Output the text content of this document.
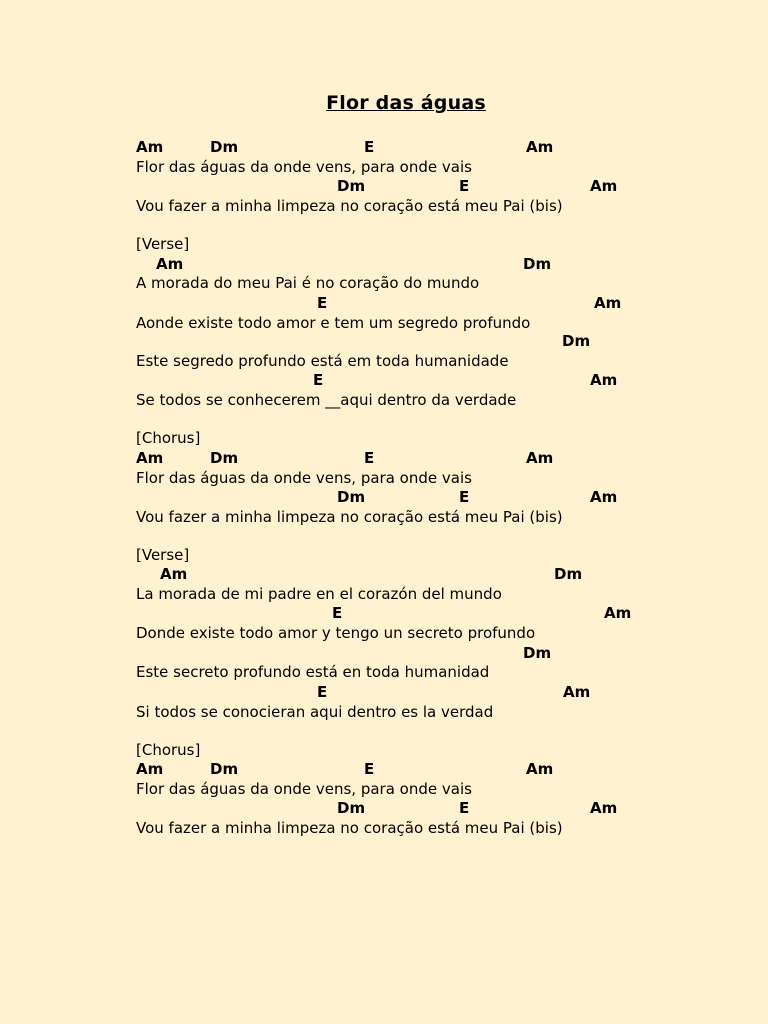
Flor das águas
Am	Dm	E	Am
Flor das águas da onde vens, para onde vais
Dm	E	Am
Vou fazer a minha limpeza no coração está meu Pai (bis)
[Verse]
Am	Dm
A morada do meu Pai é no coração do mundo
E	Am
Aonde existe todo amor e tem um segredo profundo
Dm
Este segredo profundo está em toda humanidade
E	Am
Se todos se conhecerem __aqui dentro da verdade
[Chorus]
Am	Dm	E	Am
Flor das águas da onde vens, para onde vais
Dm	E	Am
Vou fazer a minha limpeza no coração está meu Pai (bis)
[Verse]
Am	Dm
La morada de mi padre en el corazón del mundo
E	Am
Donde existe todo amor y tengo un secreto profundo
Dm
Este secreto profundo está en toda humanidad
E	Am
Si todos se conocieran aqui dentro es la verdad
[Chorus]
Am	Dm	E	Am
Flor das águas da onde vens, para onde vais
Dm	E	Am
Vou fazer a minha limpeza no coração está meu Pai (bis)
